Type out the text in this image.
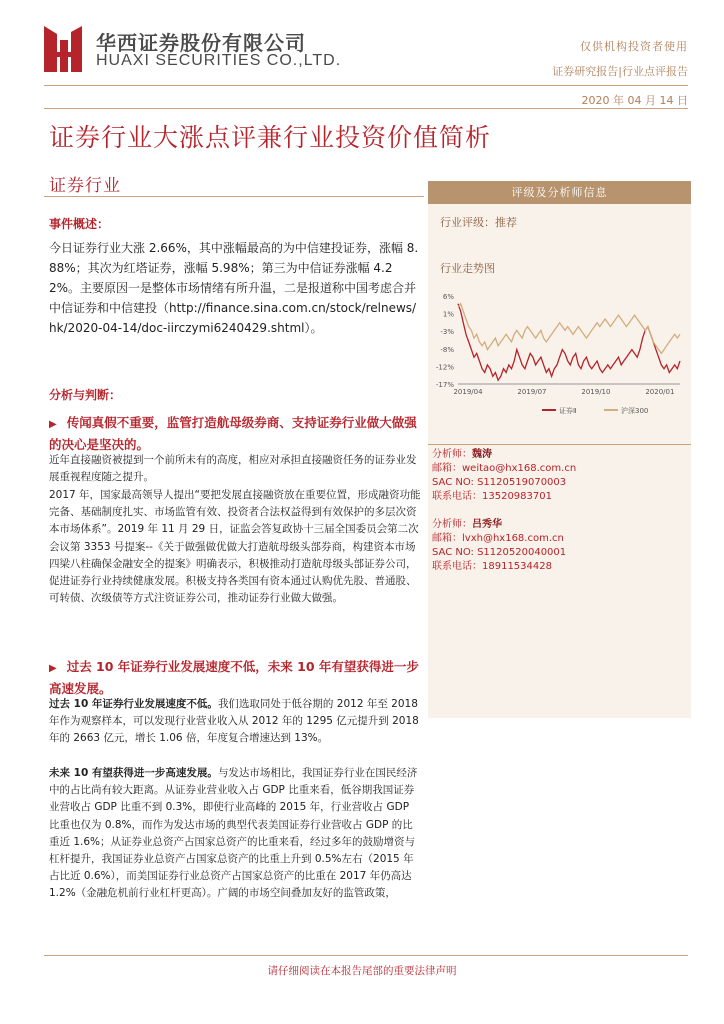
华西证券股份有限公司
HUAXI SECURITIES CO.,LTD.
仅供机构投资者使用
证券研究报告|行业点评报告
2020 年 04 月 14 日
证券行业大涨点评兼行业投资价值简析
证券行业	评级及分析师信息
行业评级：推荐
行业走势图
6%
1%
-3%
-8%
-12%
-17%
2019/04	2019/07	2019/10	2020/01
证券Ⅱ	沪深300
分析师：魏涛
邮箱：weitao@hx168.com.cn
SAC NO: S1120519070003
联系电话：13520983701
分析师：吕秀华
邮箱：lvxh@hx168.com.cn
SAC NO: S1120520040001
联系电话：18911534428
事件概述：
今日证券行业大涨 2.66%，其中涨幅最高的为中信建投证券，涨幅 8.88%；其次为红塔证券，涨幅 5.98%；第三为中信证券涨幅 4.22%。主要原因一是整体市场情绪有所升温，二是报道称中国考虑合并中信证券和中信建投（http://finance.sina.com.cn/stock/relnews/hk/2020-04-14/doc-iirczymi6240429.shtml）。
分析与判断：
▶ 传闻真假不重要，监管打造航母级券商、支持证券行业做大做强的决心是坚决的。
近年直接融资被提到一个前所未有的高度，相应对承担直接融资任务的证券业发展重视程度随之提升。
2017 年，国家最高领导人提出“要把发展直接融资放在重要位置，形成融资功能完备、基础制度扎实、市场监管有效、投资者合法权益得到有效保护的多层次资本市场体系”。2019 年 11 月 29 日，证监会答复政协十三届全国委员会第二次会议第 3353 号提案--《关于做强做优做大打造航母级头部券商，构建资本市场四梁八柱确保金融安全的提案》明确表示，积极推动打造航母级头部证券公司，促进证券行业持续健康发展。积极支持各类国有资本通过认购优先股、普通股、可转债、次级债等方式注资证券公司，推动证券行业做大做强。
▶ 过去 10 年证券行业发展速度不低，未来 10 年有望获得进一步高速发展。
过去 10 年证券行业发展速度不低。我们选取同处于低谷期的 2012 年至 2018 年作为观察样本，可以发现行业营业收入从 2012 年的 1295 亿元提升到 2018 年的 2663 亿元，增长 1.06 倍，年度复合增速达到 13%。
未来 10 有望获得进一步高速发展。与发达市场相比，我国证券行业在国民经济中的占比尚有较大距离。从证券业营业收入占 GDP 比重来看，低谷期我国证券业营收占 GDP 比重不到 0.3%，即使行业高峰的 2015 年，行业营收占 GDP 比重也仅为 0.8%，而作为发达市场的典型代表美国证券行业营收占 GDP 的比重近 1.6%；从证券业总资产占国家总资产的比重来看，经过多年的鼓励增资与杠杆提升，我国证券业总资产占国家总资产的比重上升到 0.5%左右（2015 年占比近 0.6%），而美国证券行业总资产占国家总资产的比重在 2017 年仍高达 1.2%（金融危机前行业杠杆更高）。广阔的市场空间叠加友好的监管政策，
请仔细阅读在本报告尾部的重要法律声明
